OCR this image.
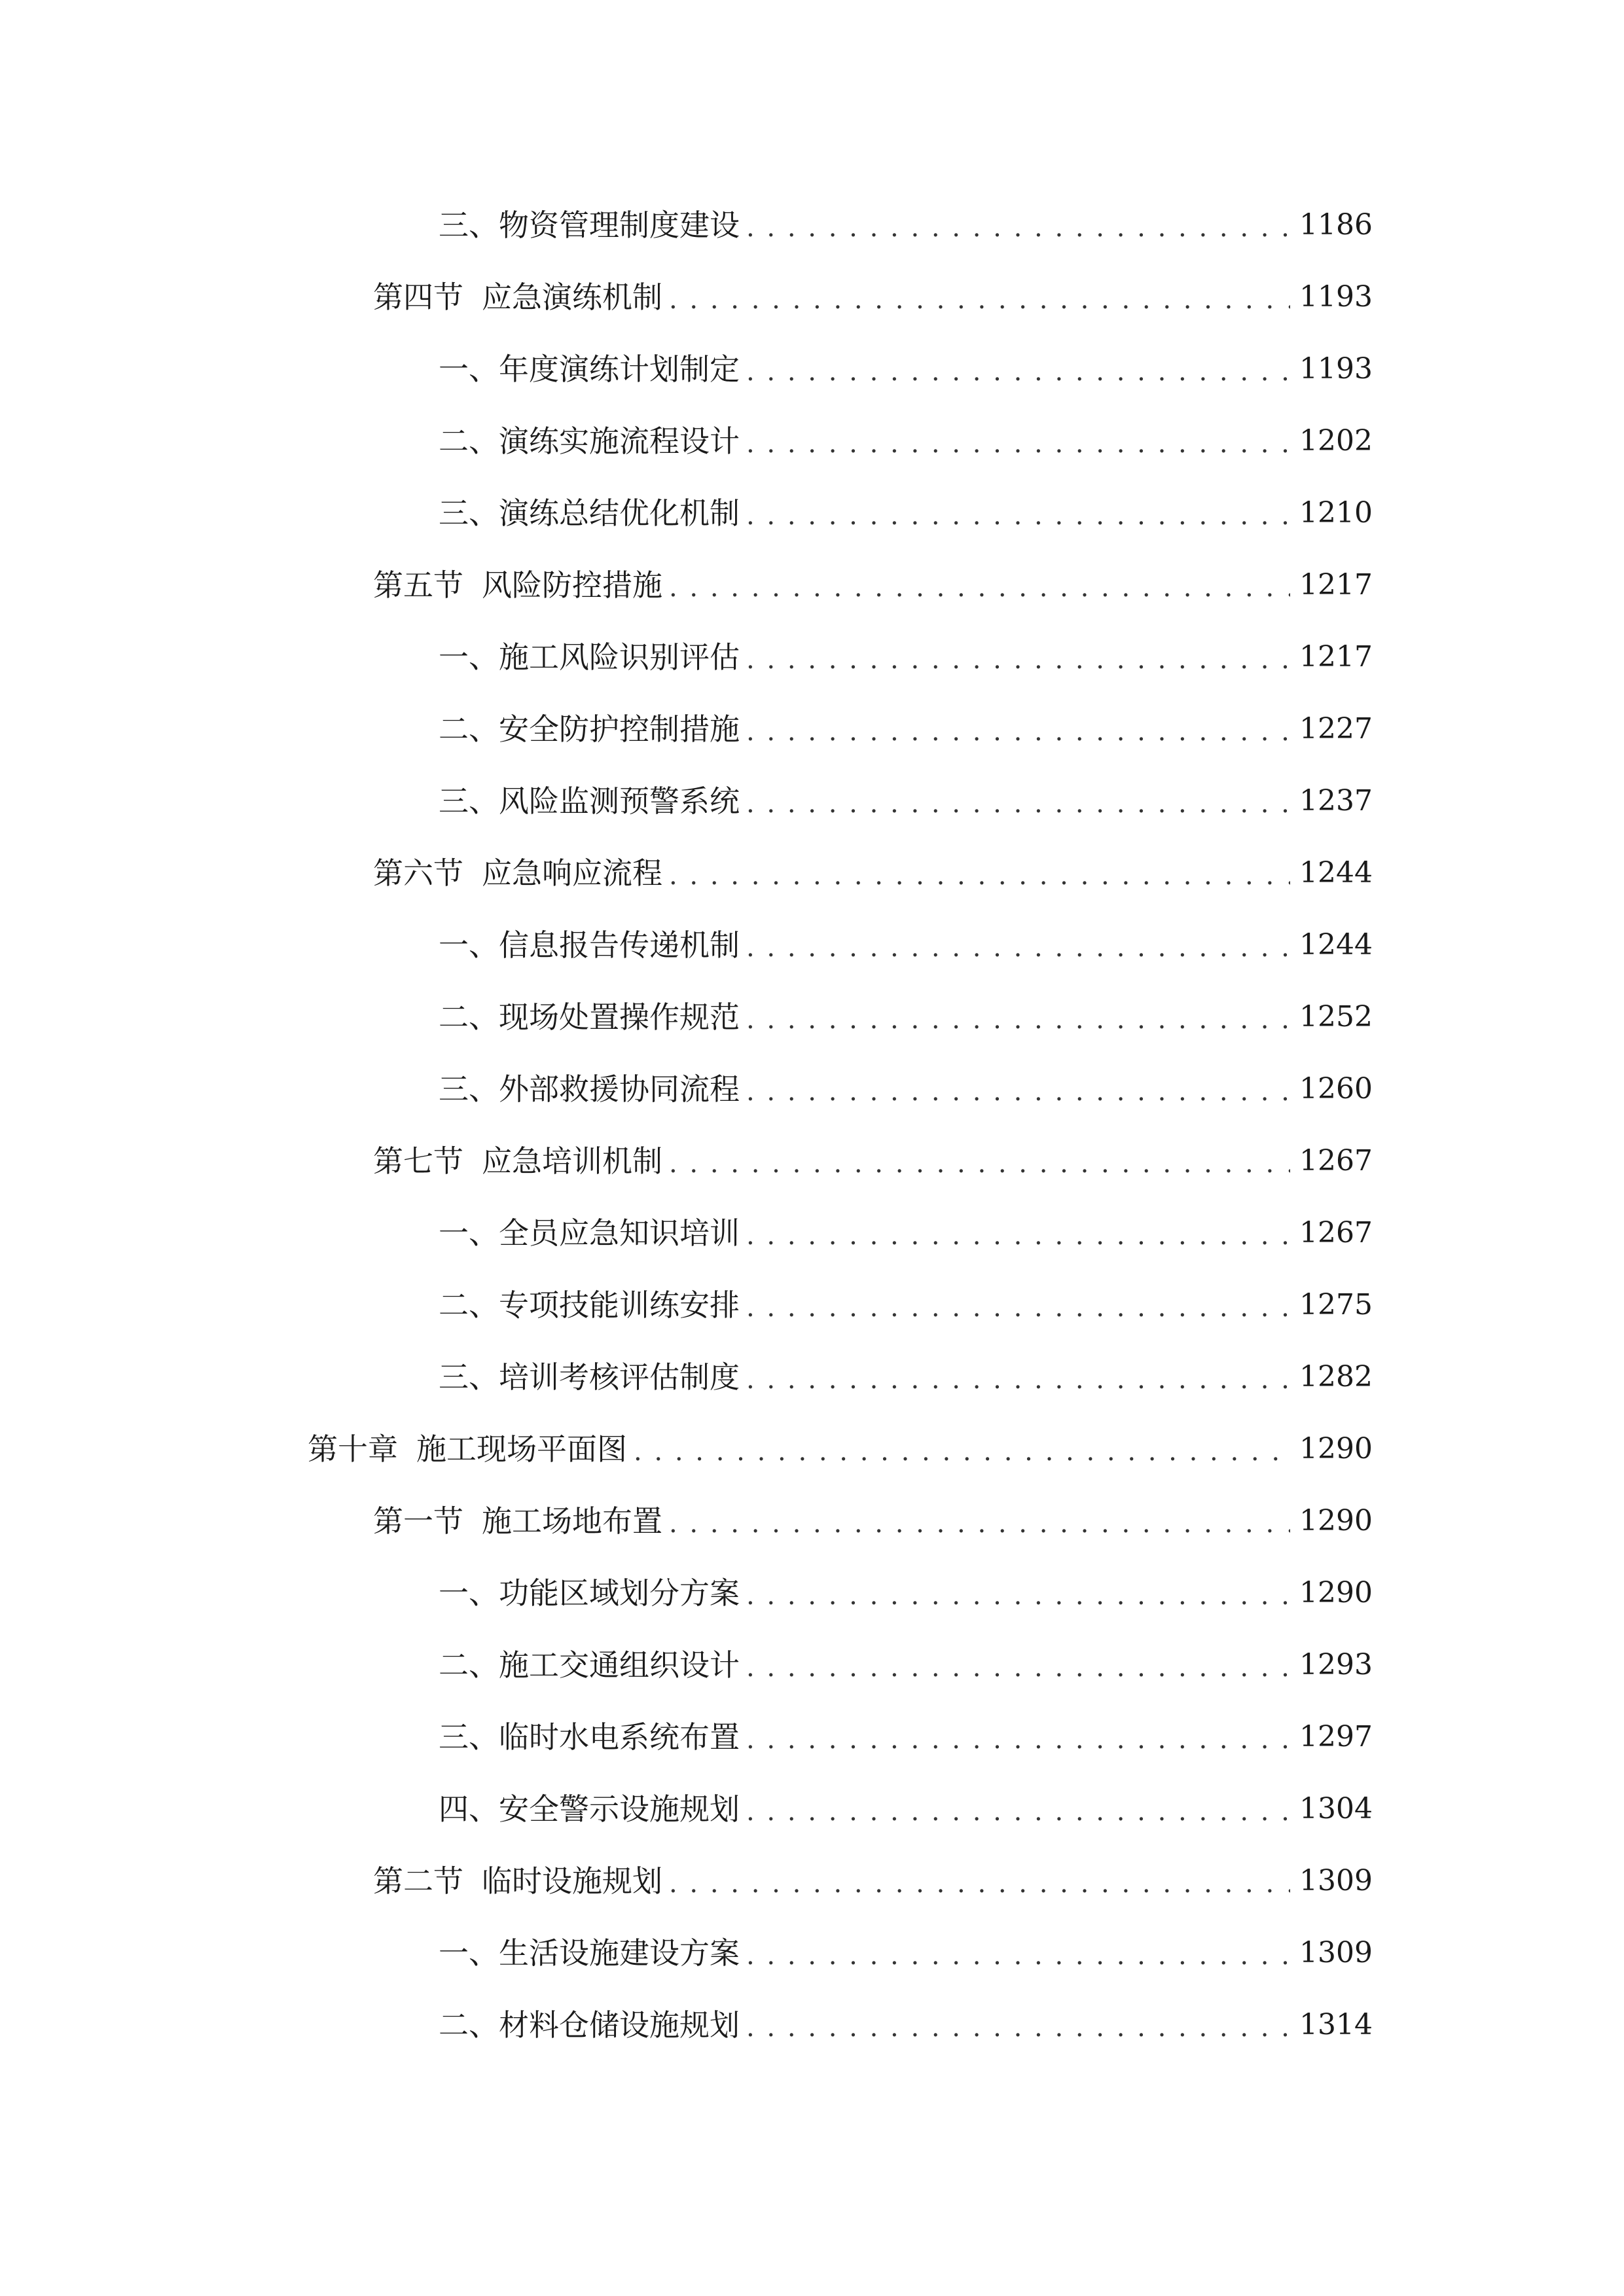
三、 物资管理制度建设 . . .	1186
第四节 应急演练机制 . . .	1193
一、 年度演练计划制定 . . .	1193
二、 演练实施流程设计 . . .	1202
三、 演练总结优化机制 . . .	1210
第五节 风险防控措施 . . .	1217
一、 施工风险识别评估 . . .	1217
二、 安全防护控制措施 . . .	1227
三、 风险监测预警系统 . . .	1237
第六节 应急响应流程 . . .	1244
一、 信息报告传递机制 . . .	1244
二、 现场处置操作规范 . . .	1252
三、 外部救援协同流程 . . .	1260
第七节 应急培训机制 . . .	1267
一、 全员应急知识培训 . . .	1267
二、 专项技能训练安排 . . .	1275
三、 培训考核评估制度 . . .	1282
第十章 施工现场平面图 . . .	1290
第一节 施工场地布置 . . .	1290
一、 功能区域划分方案 . . .	1290
二、 施工交通组织设计 . . .	1293
三、 临时水电系统布置 . . .	1297
四、 安全警示设施规划 . . .	1304
第二节 临时设施规划 . . .	1309
一、 生活设施建设方案 . . .	1309
二、 材料仓储设施规划 . . .	1314
